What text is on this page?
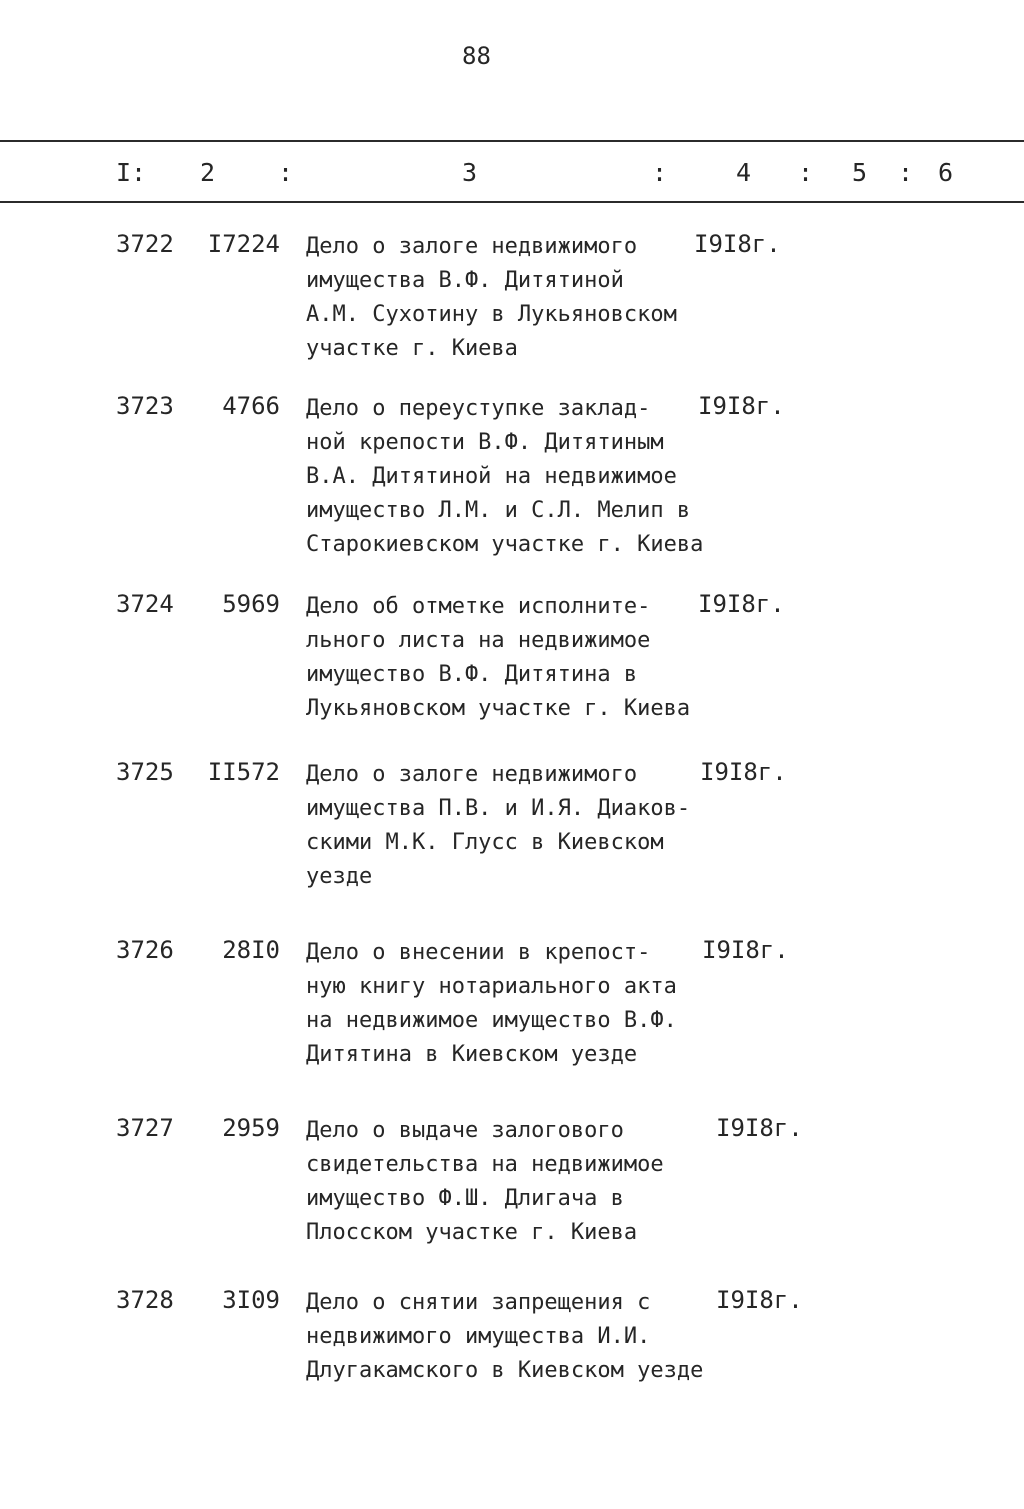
88
I: 2	:	3	:	4 : 5 : 6
3722	I7224 Дело о залоге недвижимого
имущества В.Ф. Дитятиной
А.М. Сухотину в Лукьяновском
участке г. Киева
I9I8г.
3723	4766 Дело о переуступке заклад-
ной крепости В.Ф. Дитятиным
В.А. Дитятиной на недвижимое
имущество Л.М. и С.Л. Мелип в
Старокиевском участке г. Киева
I9I8г.
3724	5969 Дело об отметке исполните-
льного листа на недвижимое
имущество В.Ф. Дитятина в
Лукьяновском участке г. Киева
I9I8г.
3725	II572 Дело о залоге недвижимого
имущества П.В. и И.Я. Диаков-
скими М.К. Глусс в Киевском
уезде
I9I8г.
3726	28I0 Дело о внесении в крепост-
ную книгу нотариального акта
на недвижимое имущество В.Ф.
Дитятина в Киевском уезде
I9I8г.
3727	2959 Дело о выдаче залогового
свидетельства на недвижимое
имущество Ф.Ш. Длигача в
Плосском участке г. Киева
I9I8г.
3728	3I09 Дело о снятии запрещения с
недвижимого имущества И.И.
Длугакамского в Киевском уезде
I9I8г.
